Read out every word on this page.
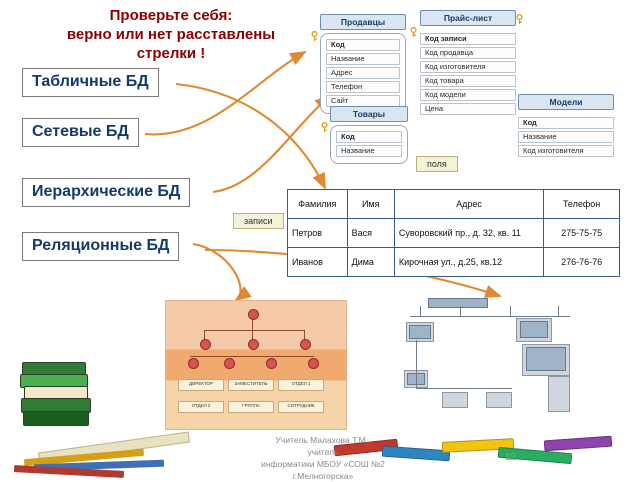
Проверьте себя:
верно или нет расставлены
стрелки !
Табличные БД
Сетевые БД
Иерархические БД
Реляционные БД
Продавцы
Код
Название
Адрес
Телефон
Сайт
Прайс-лист
Код записи
Код продавца
Код изготовителя
Код товара
Код модели
Цена
Товары
Код
Название
Модели
Код
Название
Код изготовителя
поля
записи
Фамилия	Имя	Адрес	Телефон
Петров	Вася	Суворовский пр., д. 32, кв. 11	275-75-75
Иванов	Дима	Кирочная ул., д.25, кв.12	276-76-76
ДИРЕКТОР	ЗАМЕСТИТЕЛЬ	ОТДЕЛ 1
ОТДЕЛ 2	ГРУППА	СОТРУДНИК
Учитель Малахова Т.М.,
учитель
информатики МБОУ «СОШ №2
г.Мелногорска»
12
